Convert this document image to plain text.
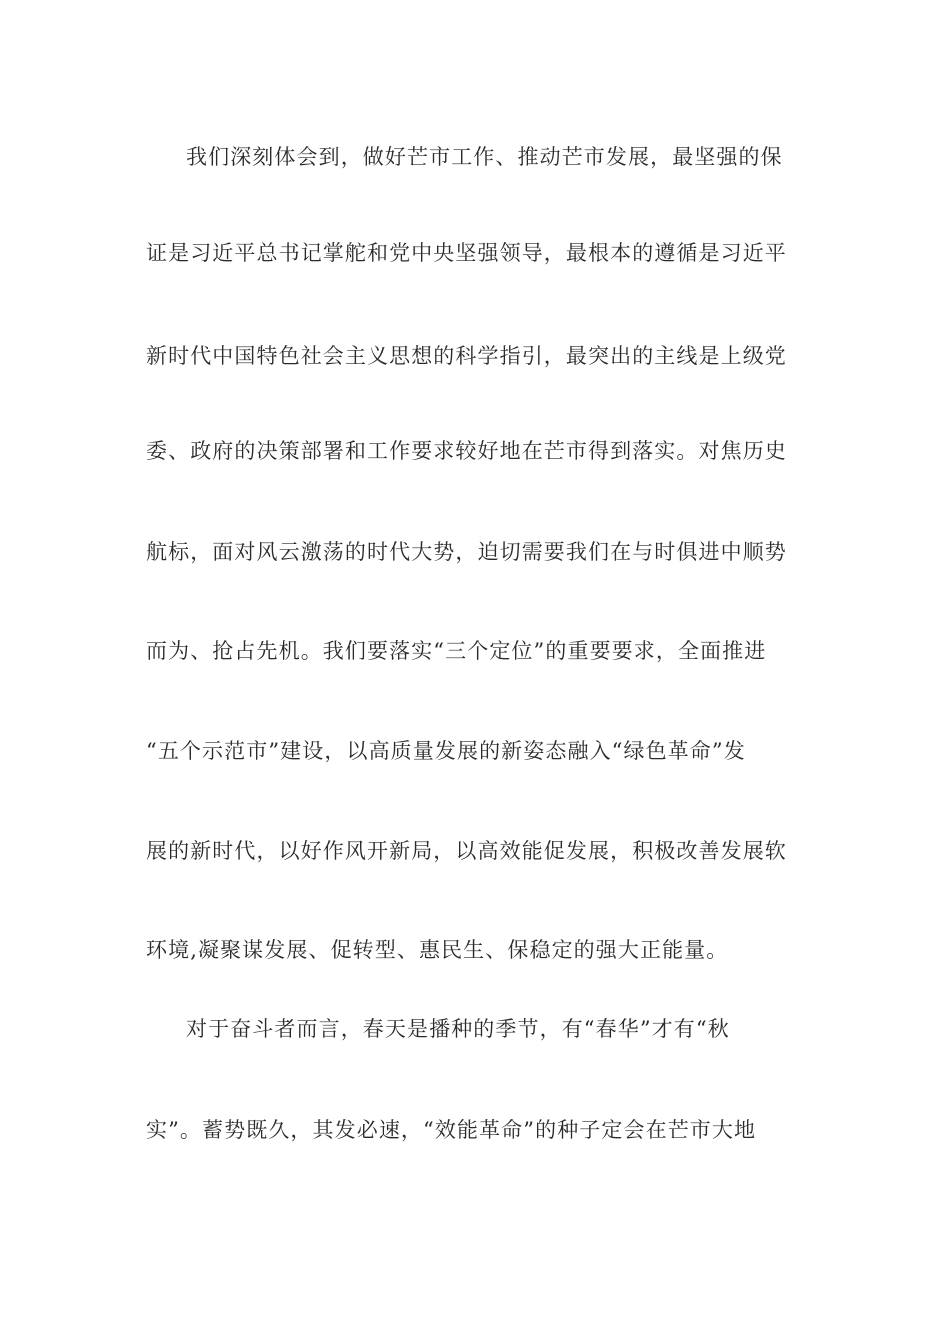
我们深刻体会到，做好芒市工作、推动芒市发展，最坚强的保
证是习近平总书记掌舵和党中央坚强领导，最根本的遵循是习近平
新时代中国特色社会主义思想的科学指引，最突出的主线是上级党
委、政府的决策部署和工作要求较好地在芒市得到落实。对焦历史
航标，面对风云激荡的时代大势，迫切需要我们在与时俱进中顺势
而为、抢占先机。我们要落实“三个定位”的重要要求，全面推进
“五个示范市”建设，以高质量发展的新姿态融入“绿色革命”发
展的新时代，以好作风开新局，以高效能促发展，积极改善发展软
环境,凝聚谋发展、促转型、惠民生、保稳定的强大正能量。
对于奋斗者而言，春天是播种的季节，有“春华”才有“秋
实”。蓄势既久，其发必速，“效能革命”的种子定会在芒市大地
